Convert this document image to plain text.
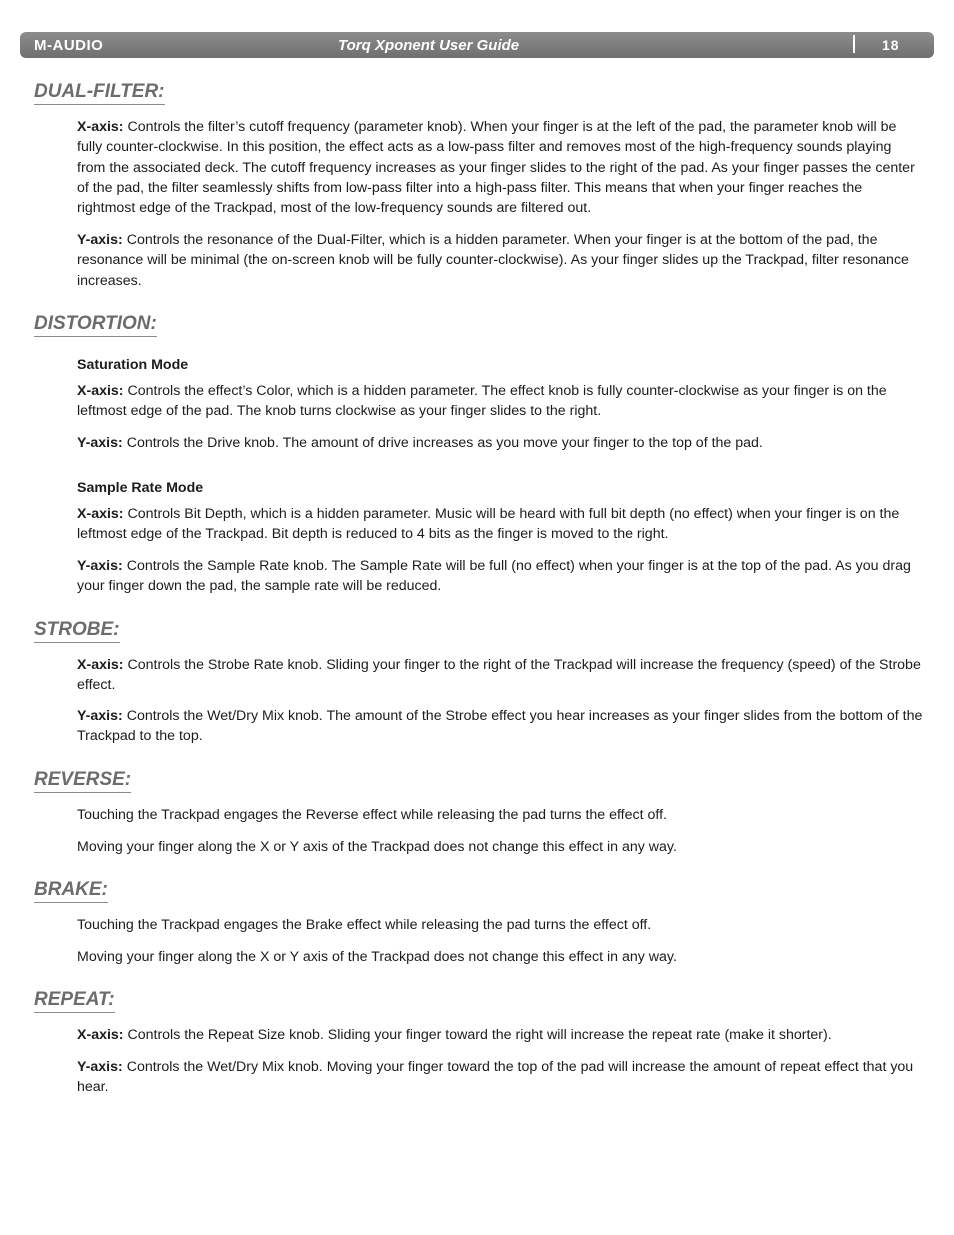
M-AUDIO	Torq Xponent User Guide	18
DUAL-FILTER:

X-axis: Controls the filter’s cutoff frequency (parameter knob). When your finger is at the left of the pad, the parameter knob will be fully counter-clockwise. In this position, the effect acts as a low-pass filter and removes most of the high-frequency sounds playing from the associated deck. The cutoff frequency increases as your finger slides to the right of the pad. As your finger passes the center of the pad, the filter seamlessly shifts from low-pass filter into a high-pass filter. This means that when your finger reaches the rightmost edge of the Trackpad, most of the low-frequency sounds are filtered out.

Y-axis: Controls the resonance of the Dual-Filter, which is a hidden parameter. When your finger is at the bottom of the pad, the resonance will be minimal (the on-screen knob will be fully counter-clockwise). As your finger slides up the Trackpad, filter resonance increases.

DISTORTION:
Saturation Mode

X-axis: Controls the effect’s Color, which is a hidden parameter. The effect knob is fully counter-clockwise as your finger is on the leftmost edge of the pad. The knob turns clockwise as your finger slides to the right.

Y-axis: Controls the Drive knob. The amount of drive increases as you move your finger to the top of the pad.

Sample Rate Mode

X-axis: Controls Bit Depth, which is a hidden parameter. Music will be heard with full bit depth (no effect) when your finger is on the leftmost edge of the Trackpad. Bit depth is reduced to 4 bits as the finger is moved to the right.

Y-axis: Controls the Sample Rate knob. The Sample Rate will be full (no effect) when your finger is at the top of the pad. As you drag your finger down the pad, the sample rate will be reduced.

STROBE:

X-axis: Controls the Strobe Rate knob. Sliding your finger to the right of the Trackpad will increase the frequency (speed) of the Strobe effect.

Y-axis: Controls the Wet/Dry Mix knob. The amount of the Strobe effect you hear increases as your finger slides from the bottom of the Trackpad to the top.

REVERSE:

Touching the Trackpad engages the Reverse effect while releasing the pad turns the effect off.

Moving your finger along the X or Y axis of the Trackpad does not change this effect in any way.

BRAKE:

Touching the Trackpad engages the Brake effect while releasing the pad turns the effect off.

Moving your finger along the X or Y axis of the Trackpad does not change this effect in any way.

REPEAT:

X-axis: Controls the Repeat Size knob. Sliding your finger toward the right will increase the repeat rate (make it shorter).

Y-axis: Controls the Wet/Dry Mix knob. Moving your finger toward the top of the pad will increase the amount of repeat effect that you hear.
